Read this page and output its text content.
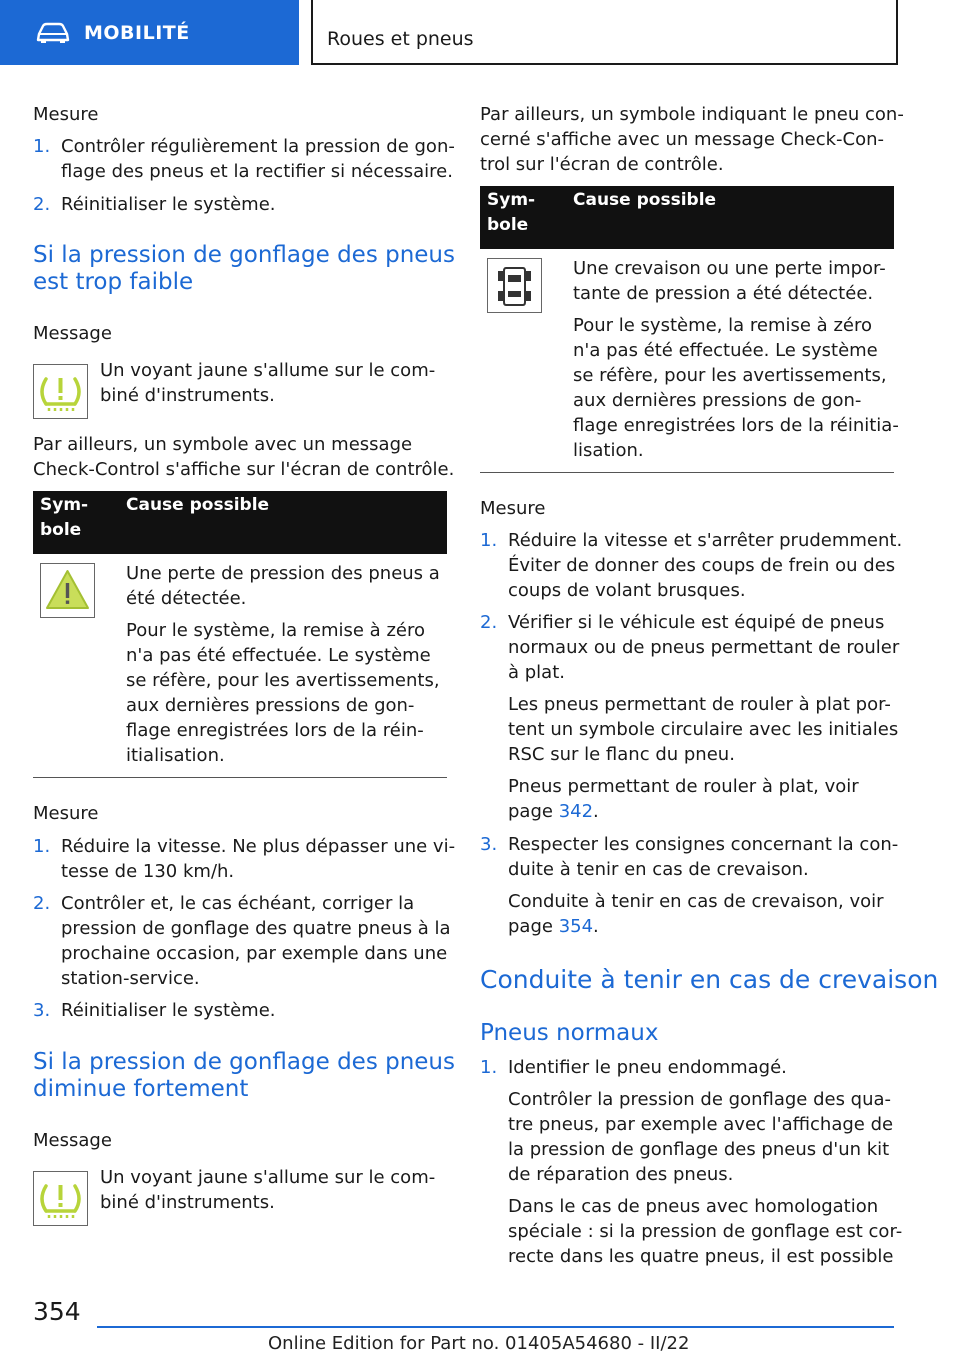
MOBILITÉ	Roues et pneus
Mesure
1. Contrôler régulièrement la pression de gon-
flage des pneus et la rectifier si nécessaire.
2. Réinitialiser le système.
Si la pression de gonflage des pneus
est trop faible
Message
Un voyant jaune s'allume sur le com-
biné d'instruments.
Par ailleurs, un symbole avec un message
Check-Control s'affiche sur l'écran de contrôle.
Sym-
bole
Cause possible
Une perte de pression des pneus a
été détectée.
Pour le système, la remise à zéro
n'a pas été effectuée. Le système
se réfère, pour les avertissements,
aux dernières pressions de gon-
flage enregistrées lors de la réin-
itialisation.
Mesure
1. Réduire la vitesse. Ne plus dépasser une vi-
tesse de 130 km/h.
2. Contrôler et, le cas échéant, corriger la
pression de gonflage des quatre pneus à la
prochaine occasion, par exemple dans une
station-service.
3. Réinitialiser le système.
Si la pression de gonflage des pneus
diminue fortement
Message
Un voyant jaune s'allume sur le com-
biné d'instruments.
Par ailleurs, un symbole indiquant le pneu con-
cerné s'affiche avec un message Check-Con-
trol sur l'écran de contrôle.
Sym-
bole
Cause possible
Une crevaison ou une perte impor-
tante de pression a été détectée.
Pour le système, la remise à zéro
n'a pas été effectuée. Le système
se réfère, pour les avertissements,
aux dernières pressions de gon-
flage enregistrées lors de la réinitia-
lisation.
Mesure
1. Réduire la vitesse et s'arrêter prudemment.
Éviter de donner des coups de frein ou des
coups de volant brusques.
2. Vérifier si le véhicule est équipé de pneus
normaux ou de pneus permettant de rouler
à plat.
Les pneus permettant de rouler à plat por-
tent un symbole circulaire avec les initiales
RSC sur le flanc du pneu.
Pneus permettant de rouler à plat, voir
page 342.
3. Respecter les consignes concernant la con-
duite à tenir en cas de crevaison.
Conduite à tenir en cas de crevaison, voir
page 354.
Conduite à tenir en cas de crevaison
Pneus normaux
1. Identifier le pneu endommagé.
Contrôler la pression de gonflage des qua-
tre pneus, par exemple avec l'affichage de
la pression de gonflage des pneus d'un kit
de réparation des pneus.
Dans le cas de pneus avec homologation
spéciale : si la pression de gonflage est cor-
recte dans les quatre pneus, il est possible
354
Online Edition for Part no. 01405A54680 - II/22
